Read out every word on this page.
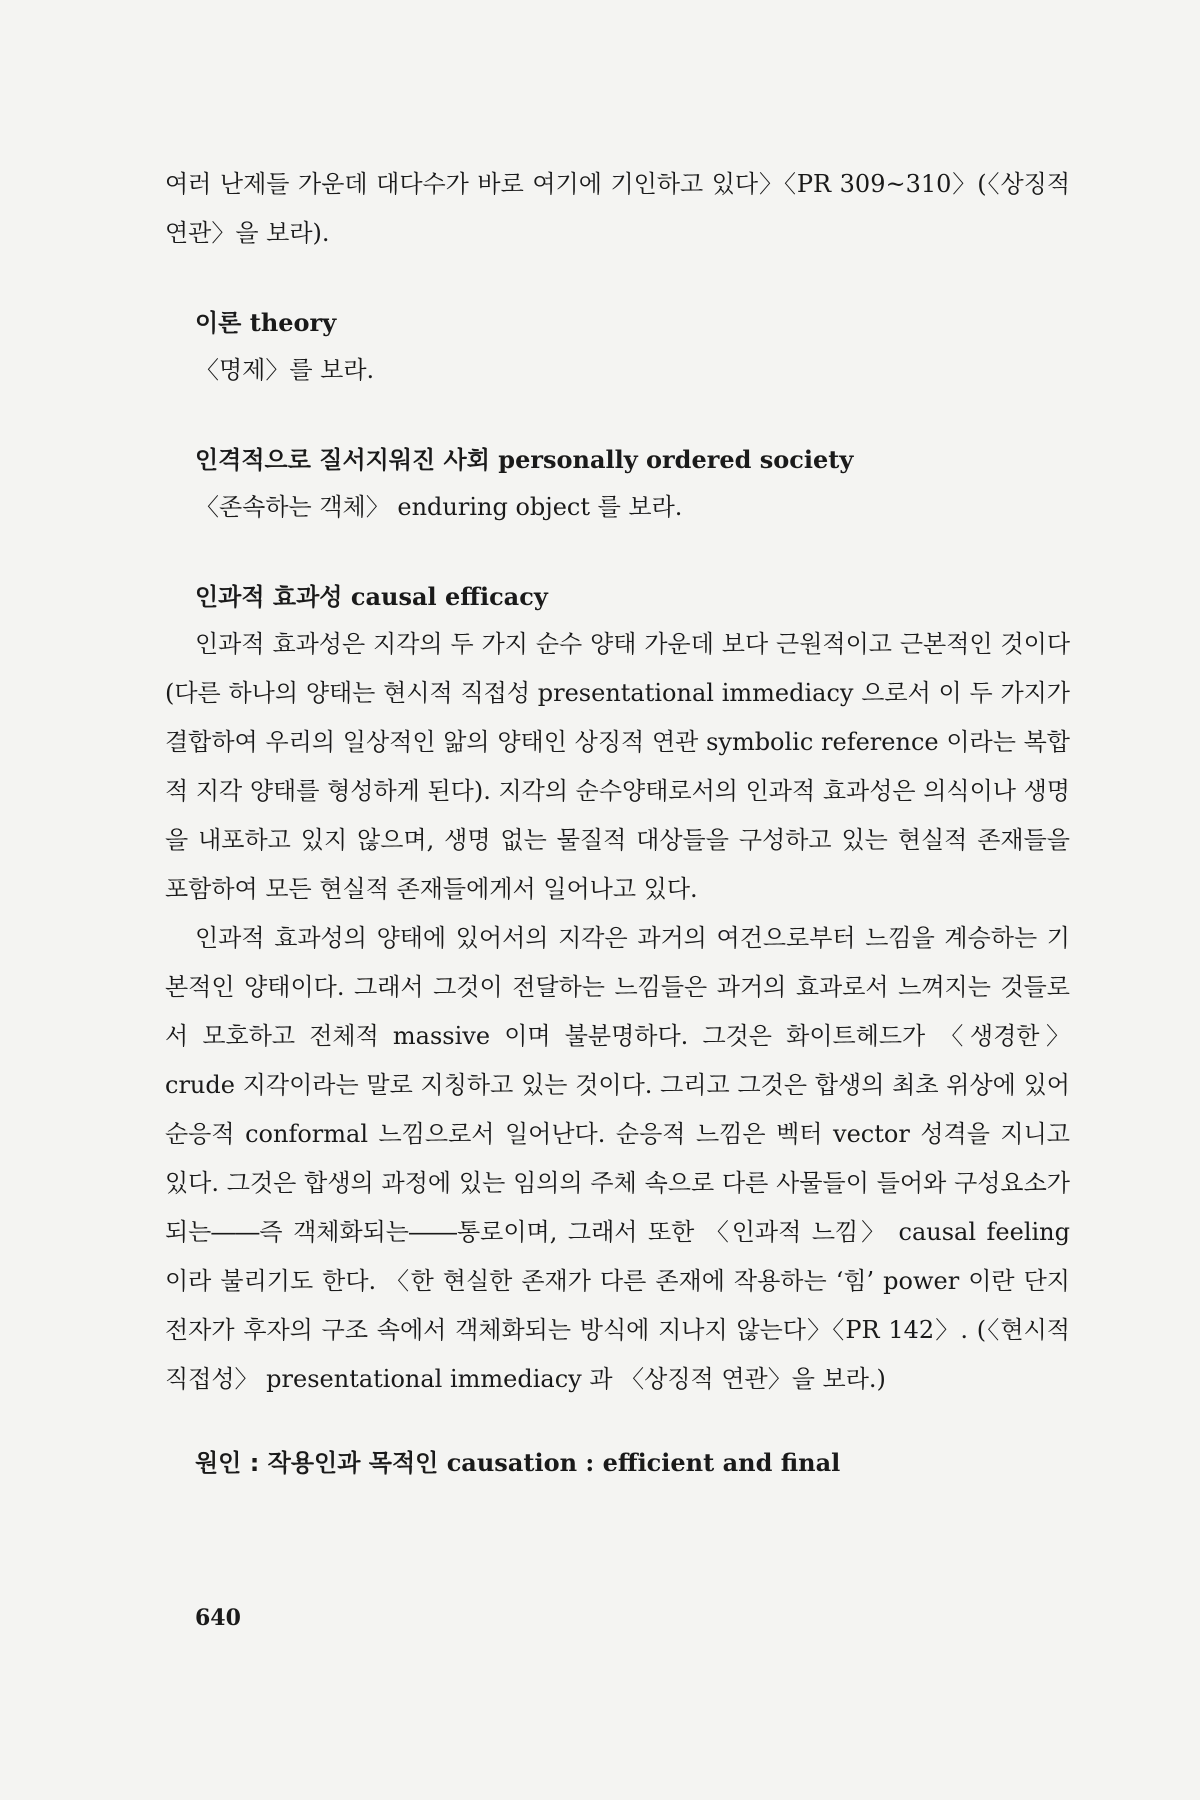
여러 난제들 가운데 대다수가 바로 여기에 기인하고 있다〉〈PR 309~310〉(〈상징적 연관〉을 보라).

이론 theory

〈명제〉를 보라.

인격적으로 질서지워진 사회 personally ordered society

〈존속하는 객체〉 enduring object 를 보라.

인과적 효과성 causal efficacy

인과적 효과성은 지각의 두 가지 순수 양태 가운데 보다 근원적이고 근본적인 것이다(다른 하나의 양태는 현시적 직접성 presentational immediacy 으로서 이 두 가지가 결합하여 우리의 일상적인 앎의 양태인 상징적 연관 symbolic reference 이라는 복합적 지각 양태를 형성하게 된다). 지각의 순수양태로서의 인과적 효과성은 의식이나 생명을 내포하고 있지 않으며, 생명 없는 물질적 대상들을 구성하고 있는 현실적 존재들을 포함하여 모든 현실적 존재들에게서 일어나고 있다.

인과적 효과성의 양태에 있어서의 지각은 과거의 여건으로부터 느낌을 계승하는 기본적인 양태이다. 그래서 그것이 전달하는 느낌들은 과거의 효과로서 느껴지는 것들로서 모호하고 전체적 massive 이며 불분명하다. 그것은 화이트헤드가 〈생경한〉 crude 지각이라는 말로 지칭하고 있는 것이다. 그리고 그것은 합생의 최초 위상에 있어 순응적 conformal 느낌으로서 일어난다. 순응적 느낌은 벡터 vector 성격을 지니고 있다. 그것은 합생의 과정에 있는 임의의 주체 속으로 다른 사물들이 들어와 구성요소가 되는――즉 객체화되는――통로이며, 그래서 또한 〈인과적 느낌〉 causal feeling 이라 불리기도 한다. 〈한 현실한 존재가 다른 존재에 작용하는 ‘힘’ power 이란 단지 전자가 후자의 구조 속에서 객체화되는 방식에 지나지 않는다〉〈PR 142〉. (〈현시적 직접성〉 presentational immediacy 과 〈상징적 연관〉을 보라.)

원인 : 작용인과 목적인 causation : efficient and final
640
